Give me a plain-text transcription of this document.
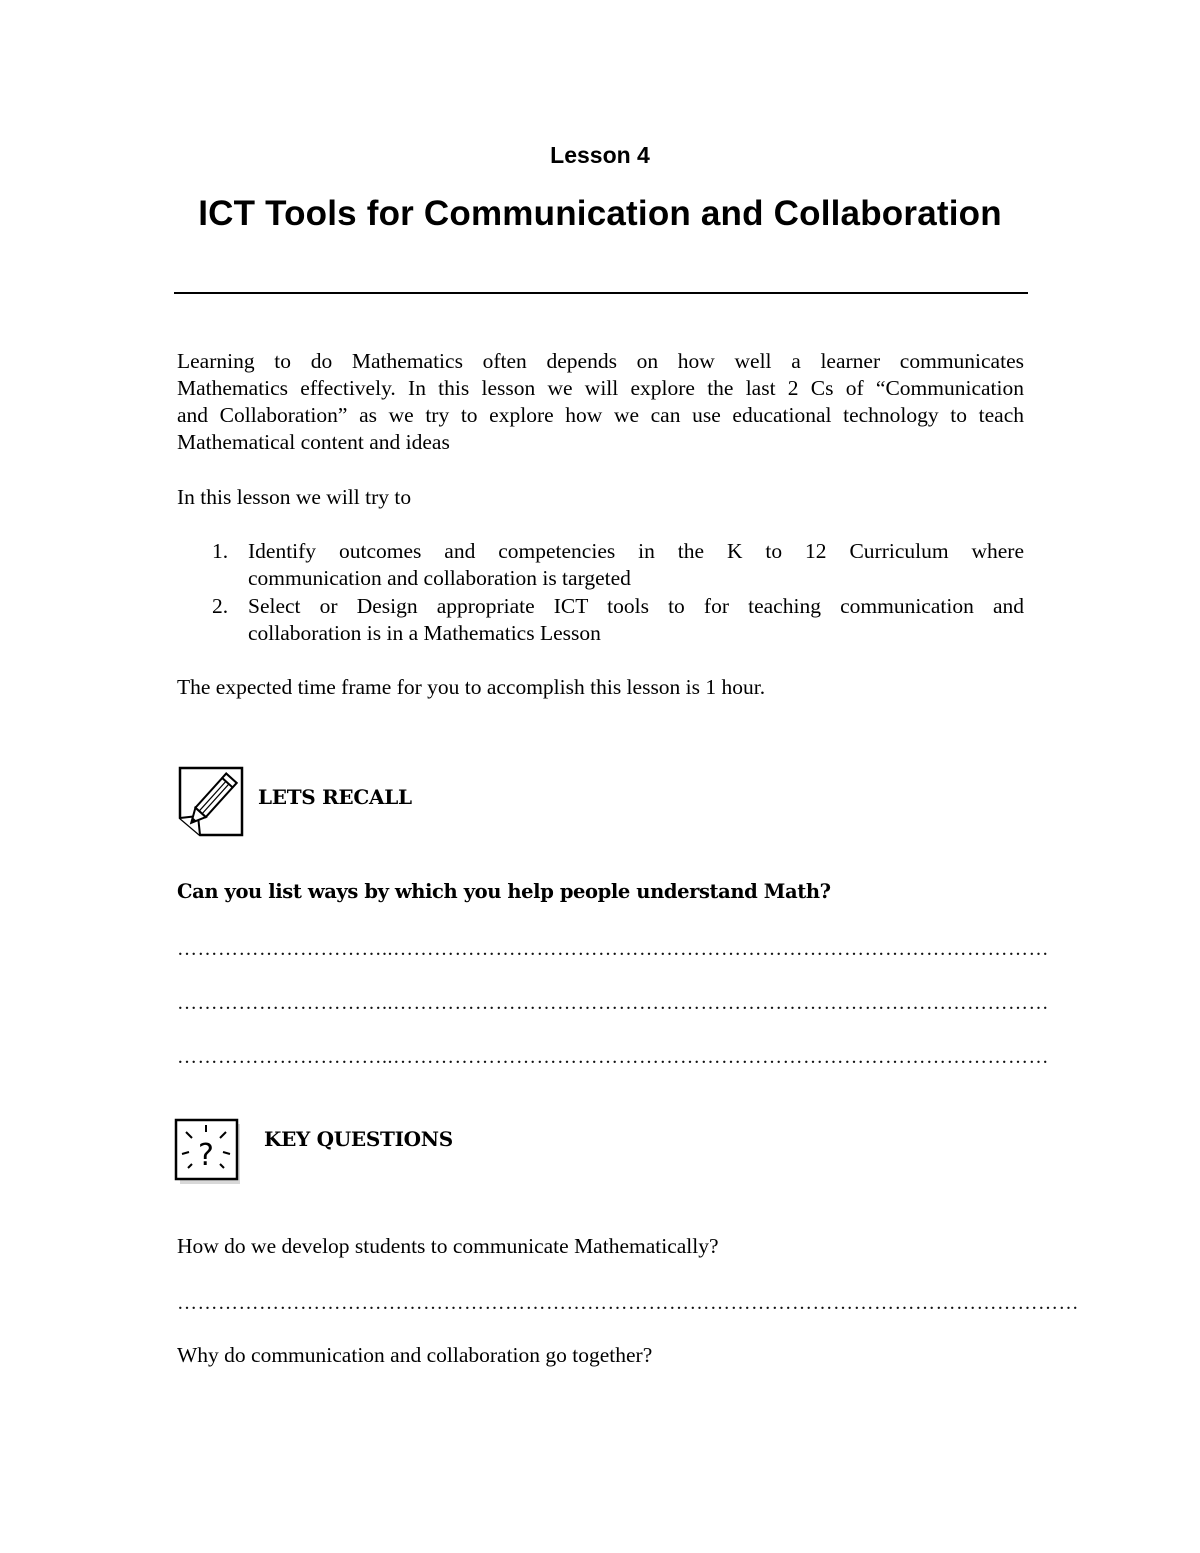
Lesson 4
ICT Tools for Communication and Collaboration
Learning to do Mathematics often depends on how well a learner communicates
Mathematics effectively. In this lesson we will explore the last 2 Cs of “Communication
and Collaboration” as we try to explore how we can use educational technology to teach
Mathematical content and ideas
In this lesson we will try to
1. Identify outcomes and competencies in the K to 12 Curriculum where
communication and collaboration is targeted
2. Select or Design appropriate ICT tools to for teaching communication and
collaboration is in a Mathematics Lesson
The expected time frame for you to accomplish this lesson is 1 hour.
LETS RECALL
Can you list ways by which you help people understand Math?
…………………………..……………………………………………………………………………………
…………………………..……………………………………………………………………………………
…………………………..……………………………………………………………………………………
?	KEY QUESTIONS
How do we develop students to communicate Mathematically?
……………………………………………………………………………………………………………………
Why do communication and collaboration go together?
